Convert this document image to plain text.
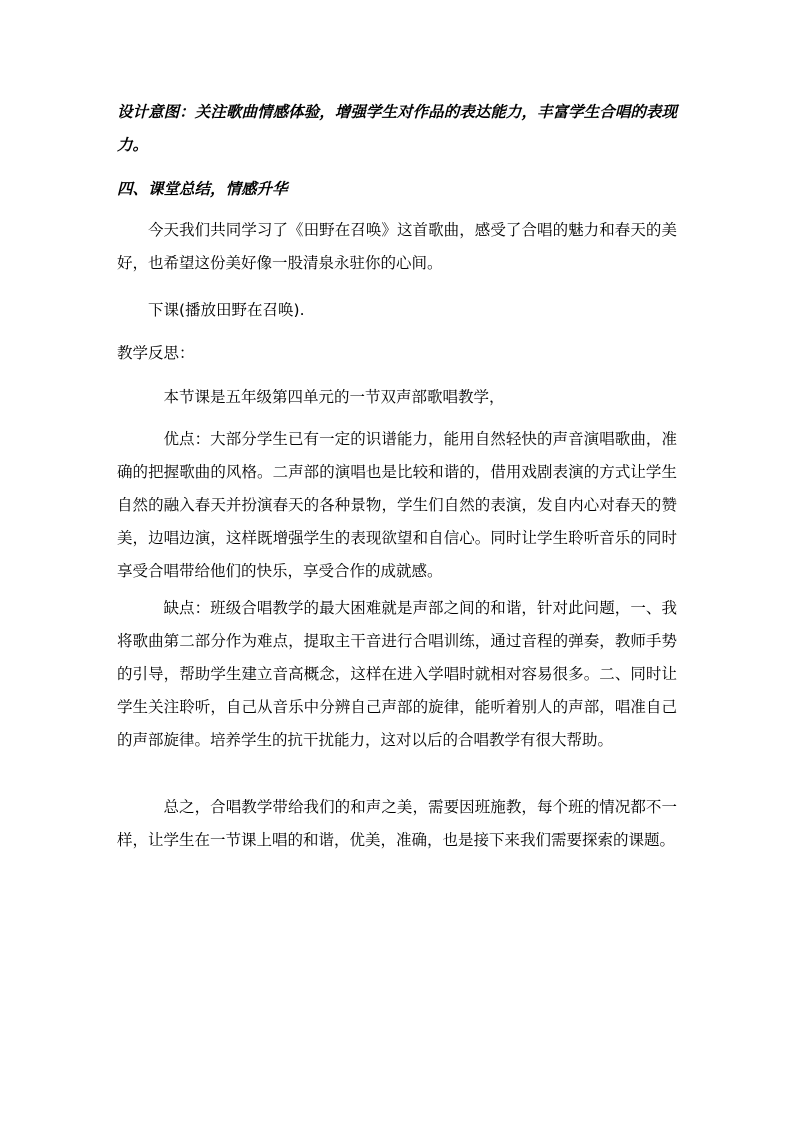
设计意图：关注歌曲情感体验，增强学生对作品的表达能力，丰富学生合唱的表现力。

四、课堂总结，情感升华

今天我们共同学习了《田野在召唤》这首歌曲，感受了合唱的魅力和春天的美好，也希望这份美好像一股清泉永驻你的心间。

下课(播放田野在召唤).

教学反思：

本节课是五年级第四单元的一节双声部歌唱教学，

优点：大部分学生已有一定的识谱能力，能用自然轻快的声音演唱歌曲，准确的把握歌曲的风格。二声部的演唱也是比较和谐的，借用戏剧表演的方式让学生自然的融入春天并扮演春天的各种景物，学生们自然的表演，发自内心对春天的赞美，边唱边演，这样既增强学生的表现欲望和自信心。同时让学生聆听音乐的同时享受合唱带给他们的快乐，享受合作的成就感。

缺点：班级合唱教学的最大困难就是声部之间的和谐，针对此问题，一、我将歌曲第二部分作为难点，提取主干音进行合唱训练，通过音程的弹奏，教师手势的引导，帮助学生建立音高概念，这样在进入学唱时就相对容易很多。二、同时让学生关注聆听，自己从音乐中分辨自己声部的旋律，能听着别人的声部，唱准自己的声部旋律。培养学生的抗干扰能力，这对以后的合唱教学有很大帮助。

总之，合唱教学带给我们的和声之美，需要因班施教，每个班的情况都不一样，让学生在一节课上唱的和谐，优美，准确，也是接下来我们需要探索的课题。
